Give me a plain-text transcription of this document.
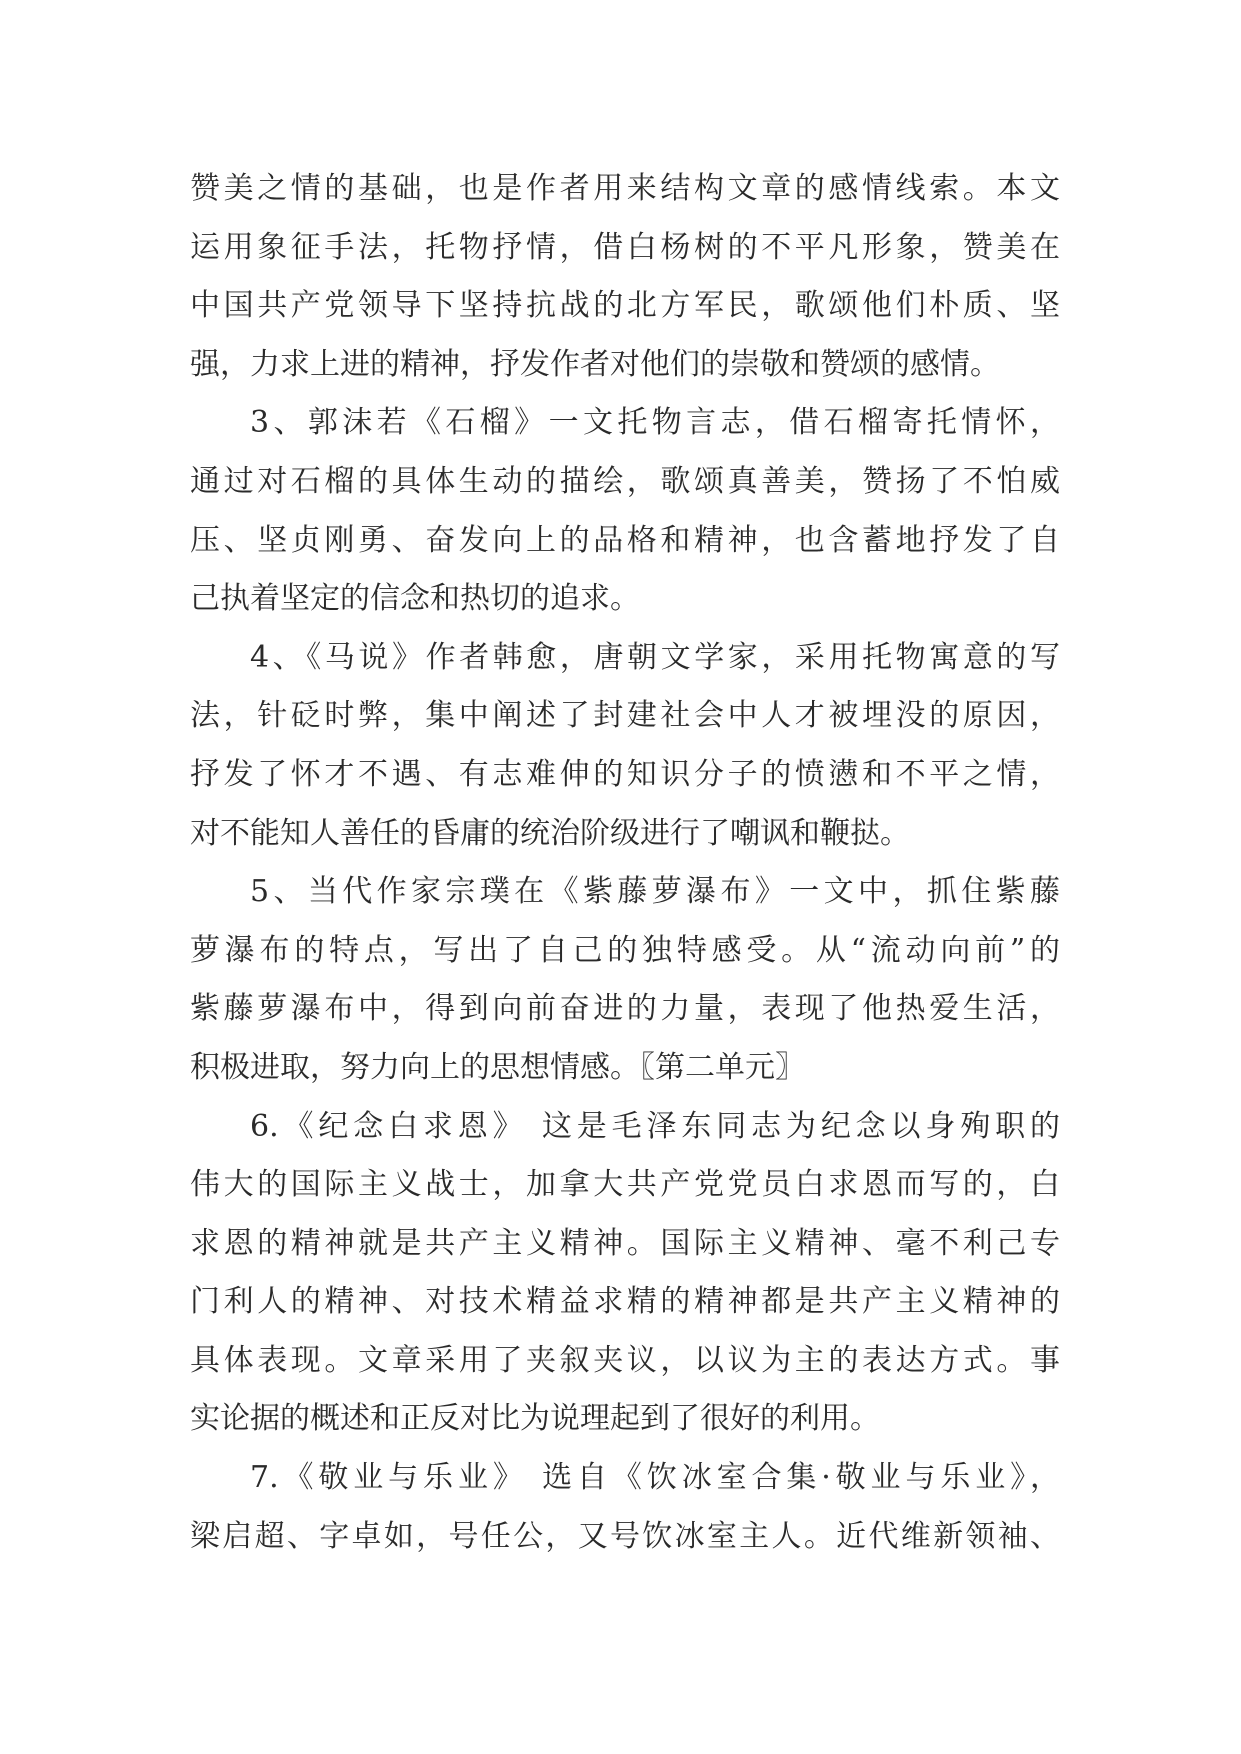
赞美之情的基础，也是作者用来结构文章的感情线索。本文
运用象征手法，托物抒情，借白杨树的不平凡形象，赞美在
中国共产党领导下坚持抗战的北方军民，歌颂他们朴质、坚
强，力求上进的精神，抒发作者对他们的崇敬和赞颂的感情。
3、郭沫若《石榴》一文托物言志，借石榴寄托情怀，
通过对石榴的具体生动的描绘，歌颂真善美，赞扬了不怕威
压、坚贞刚勇、奋发向上的品格和精神，也含蓄地抒发了自
己执着坚定的信念和热切的追求。
4、《马说》作者韩愈，唐朝文学家，采用托物寓意的写
法，针砭时弊，集中阐述了封建社会中人才被埋没的原因，
抒发了怀才不遇、有志难伸的知识分子的愤懑和不平之情，
对不能知人善任的昏庸的统治阶级进行了嘲讽和鞭挞。
5、当代作家宗璞在《紫藤萝瀑布》一文中，抓住紫藤
萝瀑布的特点，写出了自己的独特感受。从“流动向前”的
紫藤萝瀑布中，得到向前奋进的力量，表现了他热爱生活，
积极进取，努力向上的思想情感。〖第二单元〗
6.《纪念白求恩》 这是毛泽东同志为纪念以身殉职的
伟大的国际主义战士，加拿大共产党党员白求恩而写的，白
求恩的精神就是共产主义精神。国际主义精神、毫不利己专
门利人的精神、对技术精益求精的精神都是共产主义精神的
具体表现。文章采用了夹叙夹议，以议为主的表达方式。事
实论据的概述和正反对比为说理起到了很好的利用。
7.《敬业与乐业》 选自《饮冰室合集·敬业与乐业》，
梁启超、字卓如，号任公，又号饮冰室主人。近代维新领袖、
